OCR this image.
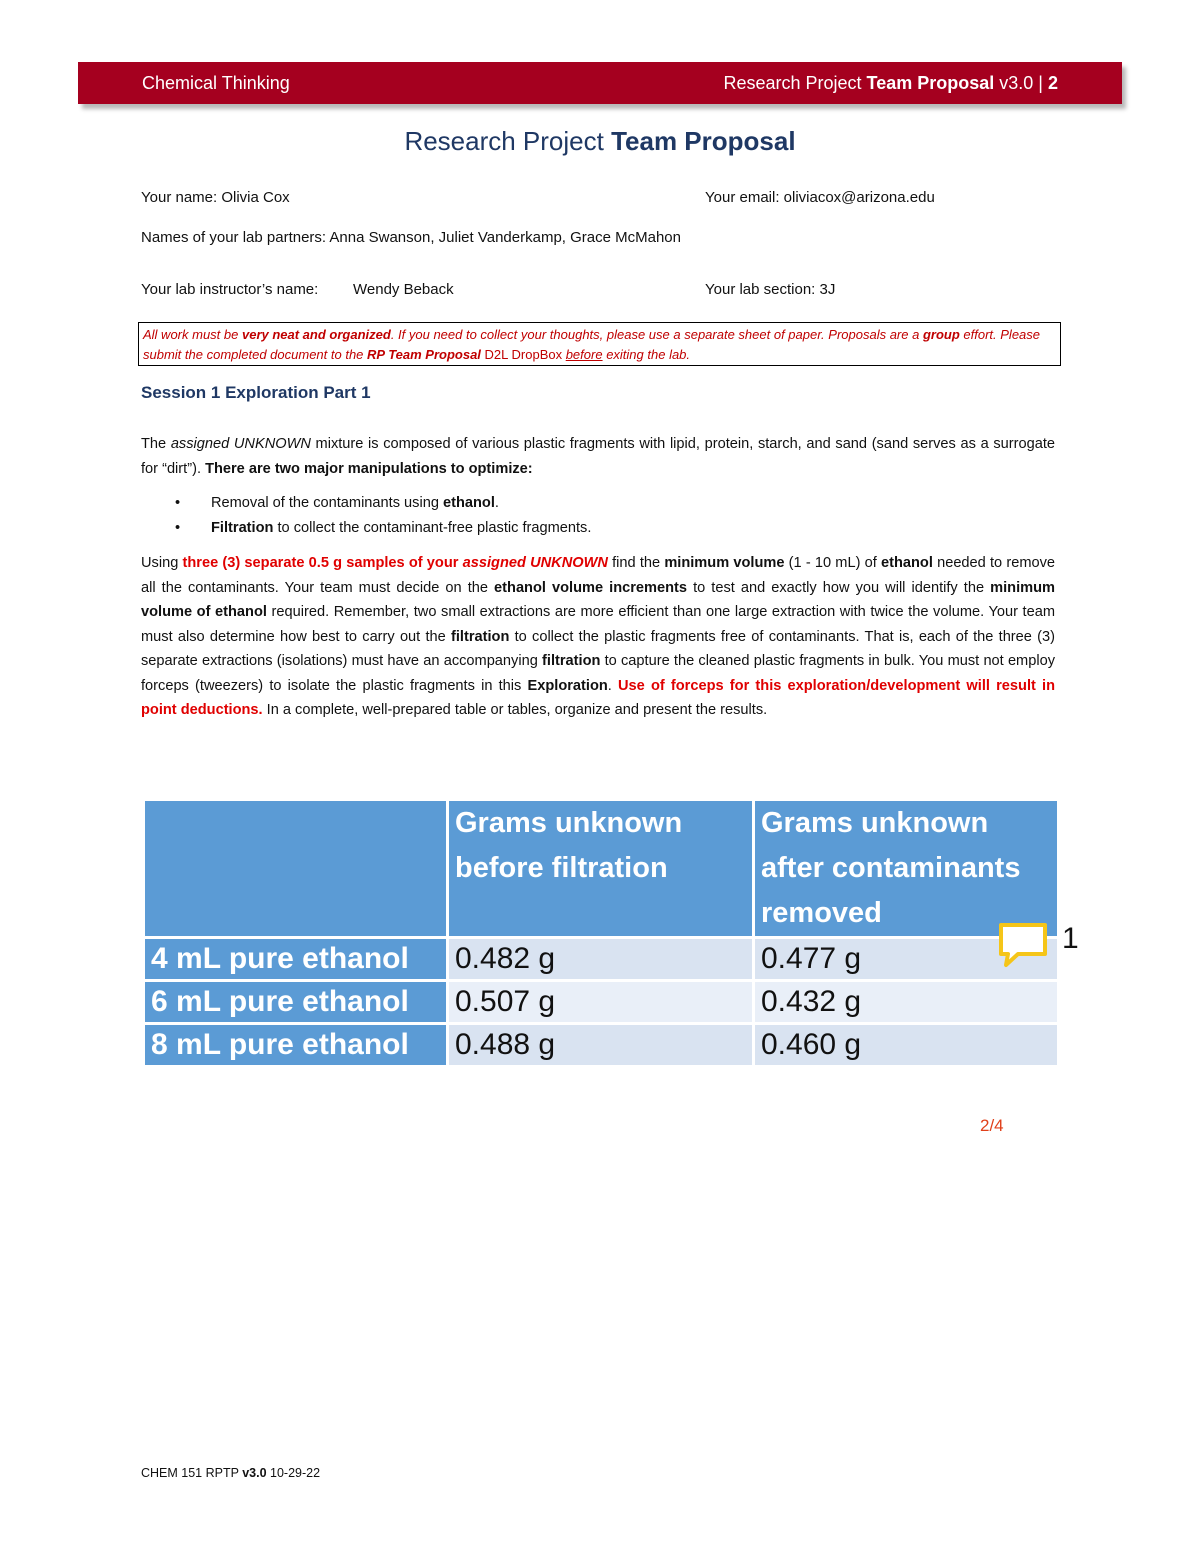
Chemical Thinking	Research Project Team Proposal v3.0 | 2
Research Project Team Proposal
Your name: Olivia Cox	Your email: oliviacox@arizona.edu
Names of your lab partners: Anna Swanson, Juliet Vanderkamp, Grace McMahon
Your lab instructor’s name: Wendy Beback	Your lab section: 3J
All work must be very neat and organized. If you need to collect your thoughts, please use a separate sheet of paper. Proposals are a group effort. Please submit the completed document to the RP Team Proposal D2L DropBox before exiting the lab.
Session 1 Exploration Part 1
The assigned UNKNOWN mixture is composed of various plastic fragments with lipid, protein, starch, and sand (sand serves as a surrogate for “dirt”). There are two major manipulations to optimize:
• Removal of the contaminants using ethanol.
• Filtration to collect the contaminant-free plastic fragments.
Using three (3) separate 0.5 g samples of your assigned UNKNOWN find the minimum volume (1 - 10 mL) of ethanol needed to remove all the contaminants. Your team must decide on the ethanol volume increments to test and exactly how you will identify the minimum volume of ethanol required. Remember, two small extractions are more efficient than one large extraction with twice the volume. Your team must also determine how best to carry out the filtration to collect the plastic fragments free of contaminants. That is, each of the three (3) separate extractions (isolations) must have an accompanying filtration to capture the cleaned plastic fragments in bulk. You must not employ forceps (tweezers) to isolate the plastic fragments in this Exploration. Use of forceps for this exploration/development will result in point deductions. In a complete, well-prepared table or tables, organize and present the results.
	Grams unknown before filtration	Grams unknown after contaminants removed
4 mL pure ethanol	0.482 g	0.477 g
6 mL pure ethanol	0.507 g	0.432 g
8 mL pure ethanol	0.488 g	0.460 g
1
2/4
CHEM 151 RPTP v3.0 10-29-22
